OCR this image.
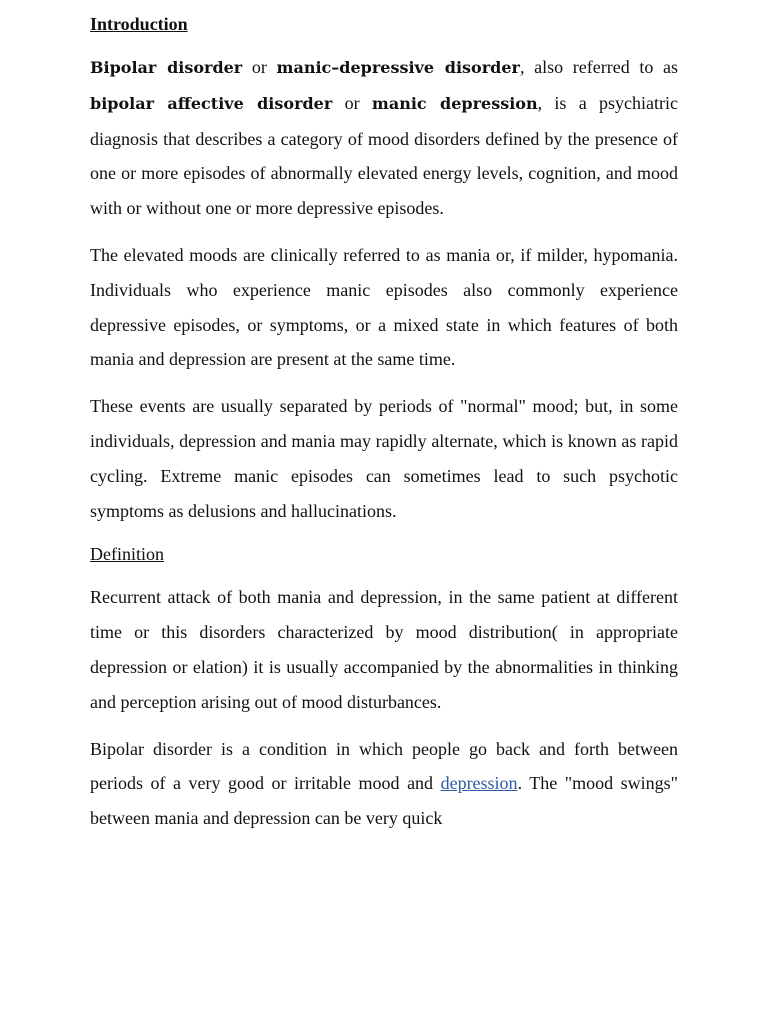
Introduction

Bipolar disorder or manic–depressive disorder, also referred to as bipolar affective disorder or manic depression, is a psychiatric diagnosis that describes a category of mood disorders defined by the presence of one or more episodes of abnormally elevated energy levels, cognition, and mood with or without one or more depressive episodes.

The elevated moods are clinically referred to as mania or, if milder, hypomania. Individuals who experience manic episodes also commonly experience depressive episodes, or symptoms, or a mixed state in which features of both mania and depression are present at the same time.

These events are usually separated by periods of "normal" mood; but, in some individuals, depression and mania may rapidly alternate, which is known as rapid cycling. Extreme manic episodes can sometimes lead to such psychotic symptoms as delusions and hallucinations.

Definition

Recurrent attack of both mania and depression, in the same patient at different time or this disorders characterized by mood distribution( in appropriate depression or elation) it is usually accompanied by the abnormalities in thinking and perception arising out of mood disturbances.

Bipolar disorder is a condition in which people go back and forth between periods of a very good or irritable mood and depression. The "mood swings" between mania and depression can be very quick
